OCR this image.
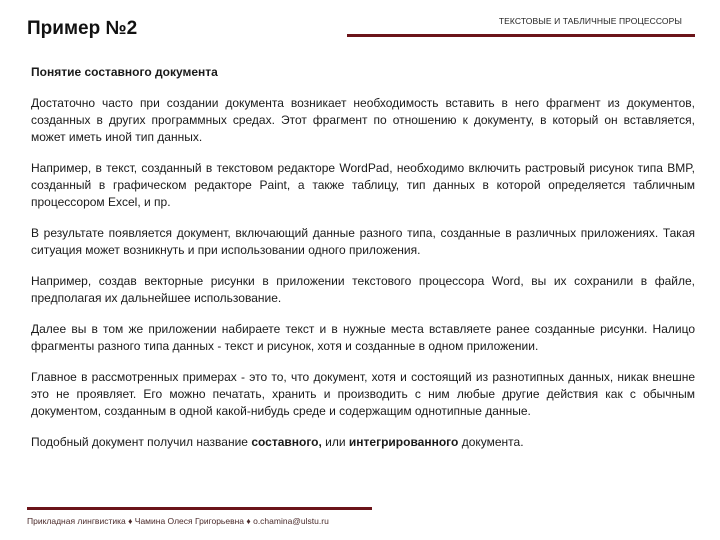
Пример №2	ТЕКСТОВЫЕ И ТАБЛИЧНЫЕ ПРОЦЕССОРЫ

Понятие составного документа

Достаточно часто при создании документа возникает необходимость вставить в него фрагмент из документов, созданных в других программных средах. Этот фрагмент по отношению к документу, в который он вставляется, может иметь иной тип данных.

Например, в текст, созданный в текстовом редакторе WordPad, необходимо включить растровый рисунок типа BMP, созданный в графическом редакторе Paint, а также таблицу, тип данных в которой определяется табличным процессором Excel, и пр.

В результате появляется документ, включающий данные разного типа, созданные в различных приложениях. Такая ситуация может возникнуть и при использовании одного приложения.

Например, создав векторные рисунки в приложении текстового процессора Word, вы их сохранили в файле, предполагая их дальнейшее использование.

Далее вы в том же приложении набираете текст и в нужные места вставляете ранее созданные рисунки. Налицо фрагменты разного типа данных - текст и рисунок, хотя и созданные в одном приложении.

Главное в рассмотренных примерах - это то, что документ, хотя и состоящий из разнотипных данных, никак внешне это не проявляет. Его можно печатать, хранить и производить с ним любые другие действия как с обычным документом, созданным в одной какой-нибудь среде и содержащим однотипные данные.

Подобный документ получил название составного, или интегрированного документа.

Прикладная лингвистика ♦ Чамина Олеся Григорьевна ♦ o.chamina@ulstu.ru
